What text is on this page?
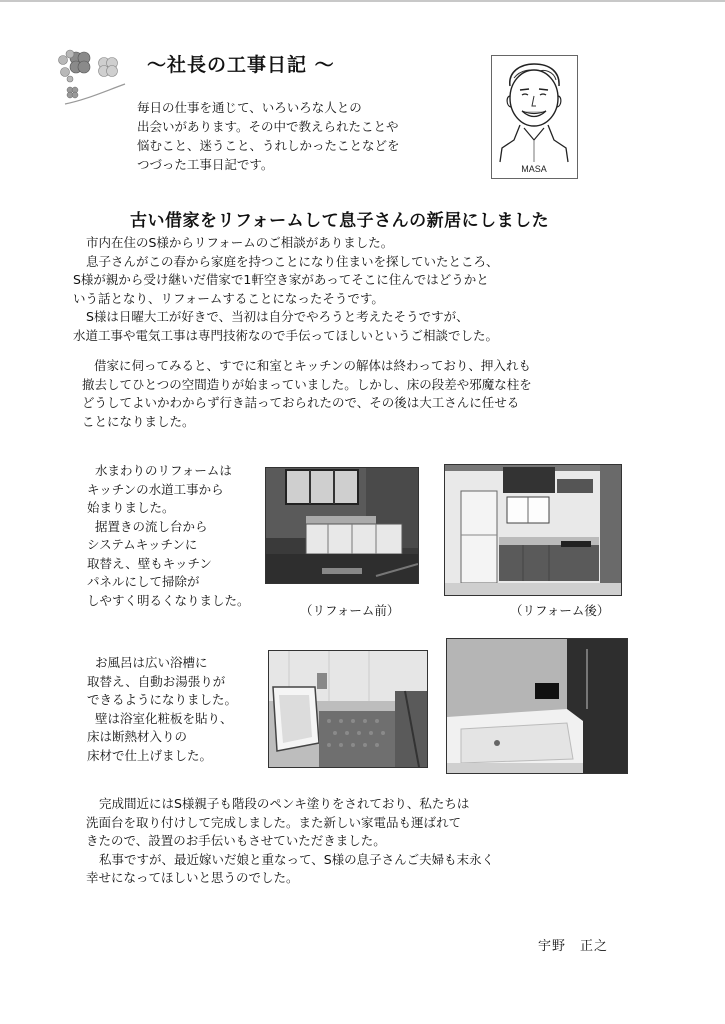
〜社長の工事日記 〜
毎日の仕事を通じて、いろいろな人との
出会いがあります。その中で教えられたことや
悩むこと、迷うこと、うれしかったことなどを
つづった工事日記です。	MASA
古い借家をリフォームして息子さんの新居にしました
市内在住のS様からリフォームのご相談がありました。
息子さんがこの春から家庭を持つことになり住まいを探していたところ、
S様が親から受け継いだ借家で1軒空き家があってそこに住んではどうかと
いう話となり、リフォームすることになったそうです。
S様は日曜大工が好きで、当初は自分でやろうと考えたそうですが、
水道工事や電気工事は専門技術なので手伝ってほしいというご相談でした。
借家に伺ってみると、すでに和室とキッチンの解体は終わっており、押入れも
撤去してひとつの空間造りが始まっていました。しかし、床の段差や邪魔な柱を
どうしてよいかわからず行き詰っておられたので、その後は大工さんに任せる
ことになりました。
水まわりのリフォームは
キッチンの水道工事から
始まりました。
据置きの流し台から
システムキッチンに
取替え、壁もキッチン
パネルにして掃除が
しやすく明るくなりました。
（リフォーム前）	（リフォーム後）
お風呂は広い浴槽に
取替え、自動お湯張りが
できるようになりました。
壁は浴室化粧板を貼り、
床は断熱材入りの
床材で仕上げました。
完成間近にはS様親子も階段のペンキ塗りをされており、私たちは
洗面台を取り付けして完成しました。また新しい家電品も運ばれて
きたので、設置のお手伝いもさせていただきました。
私事ですが、最近嫁いだ娘と重なって、S様の息子さんご夫婦も末永く
幸せになってほしいと思うのでした。
宇野　正之
